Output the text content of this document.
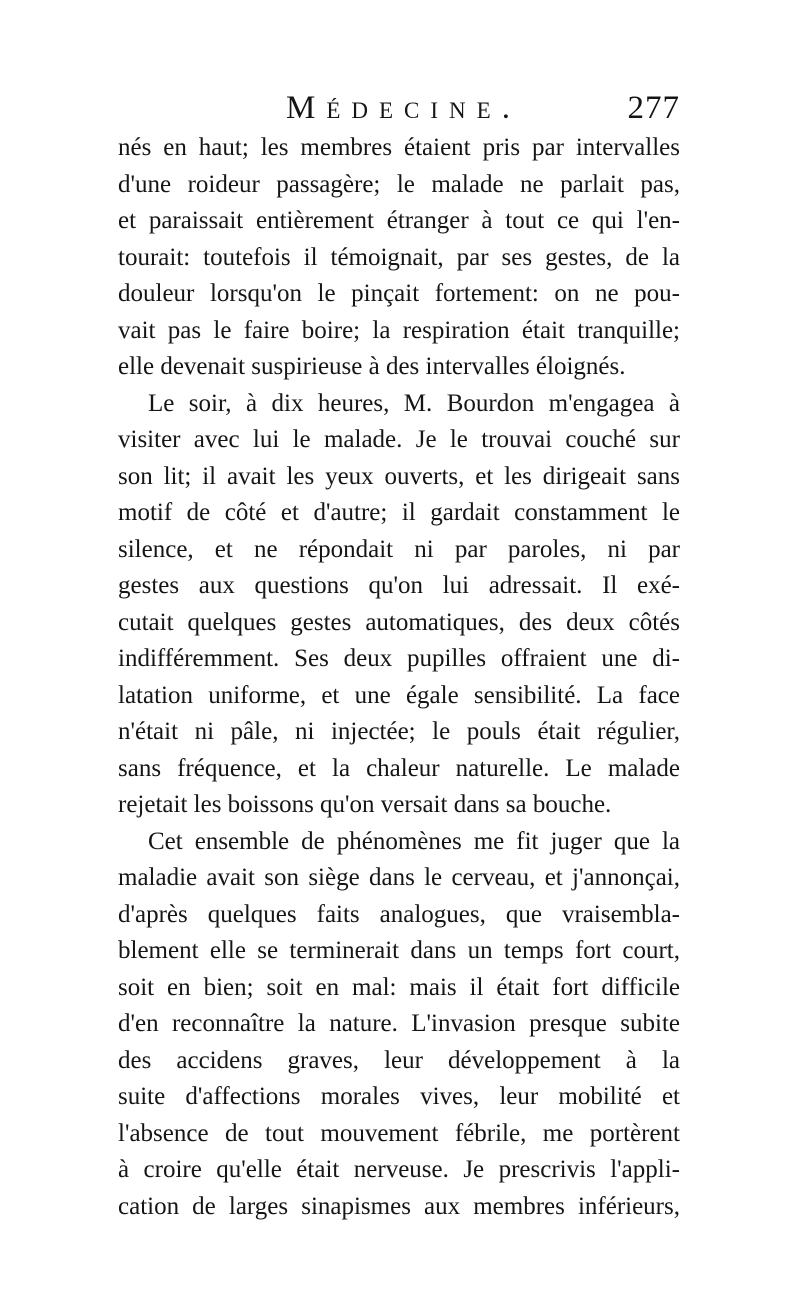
Médecine.	277
nés en haut; les membres étaient pris par intervalles
d'une roideur passagère; le malade ne parlait pas,
et paraissait entièrement étranger à tout ce qui l'en-
tourait: toutefois il témoignait, par ses gestes, de la
douleur lorsqu'on le pinçait fortement: on ne pou-
vait pas le faire boire; la respiration était tranquille;
elle devenait suspirieuse à des intervalles éloignés.
Le soir, à dix heures, M. Bourdon m'engagea à
visiter avec lui le malade. Je le trouvai couché sur
son lit; il avait les yeux ouverts, et les dirigeait sans
motif de côté et d'autre; il gardait constamment le
silence, et ne répondait ni par paroles, ni par
gestes aux questions qu'on lui adressait. Il exé-
cutait quelques gestes automatiques, des deux côtés
indifféremment. Ses deux pupilles offraient une di-
latation uniforme, et une égale sensibilité. La face
n'était ni pâle, ni injectée; le pouls était régulier,
sans fréquence, et la chaleur naturelle. Le malade
rejetait les boissons qu'on versait dans sa bouche.
Cet ensemble de phénomènes me fit juger que la
maladie avait son siège dans le cerveau, et j'annonçai,
d'après quelques faits analogues, que vraisembla-
blement elle se terminerait dans un temps fort court,
soit en bien; soit en mal: mais il était fort difficile
d'en reconnaître la nature. L'invasion presque subite
des accidens graves, leur développement à la
suite d'affections morales vives, leur mobilité et
l'absence de tout mouvement fébrile, me portèrent
à croire qu'elle était nerveuse. Je prescrivis l'appli-
cation de larges sinapismes aux membres inférieurs,
